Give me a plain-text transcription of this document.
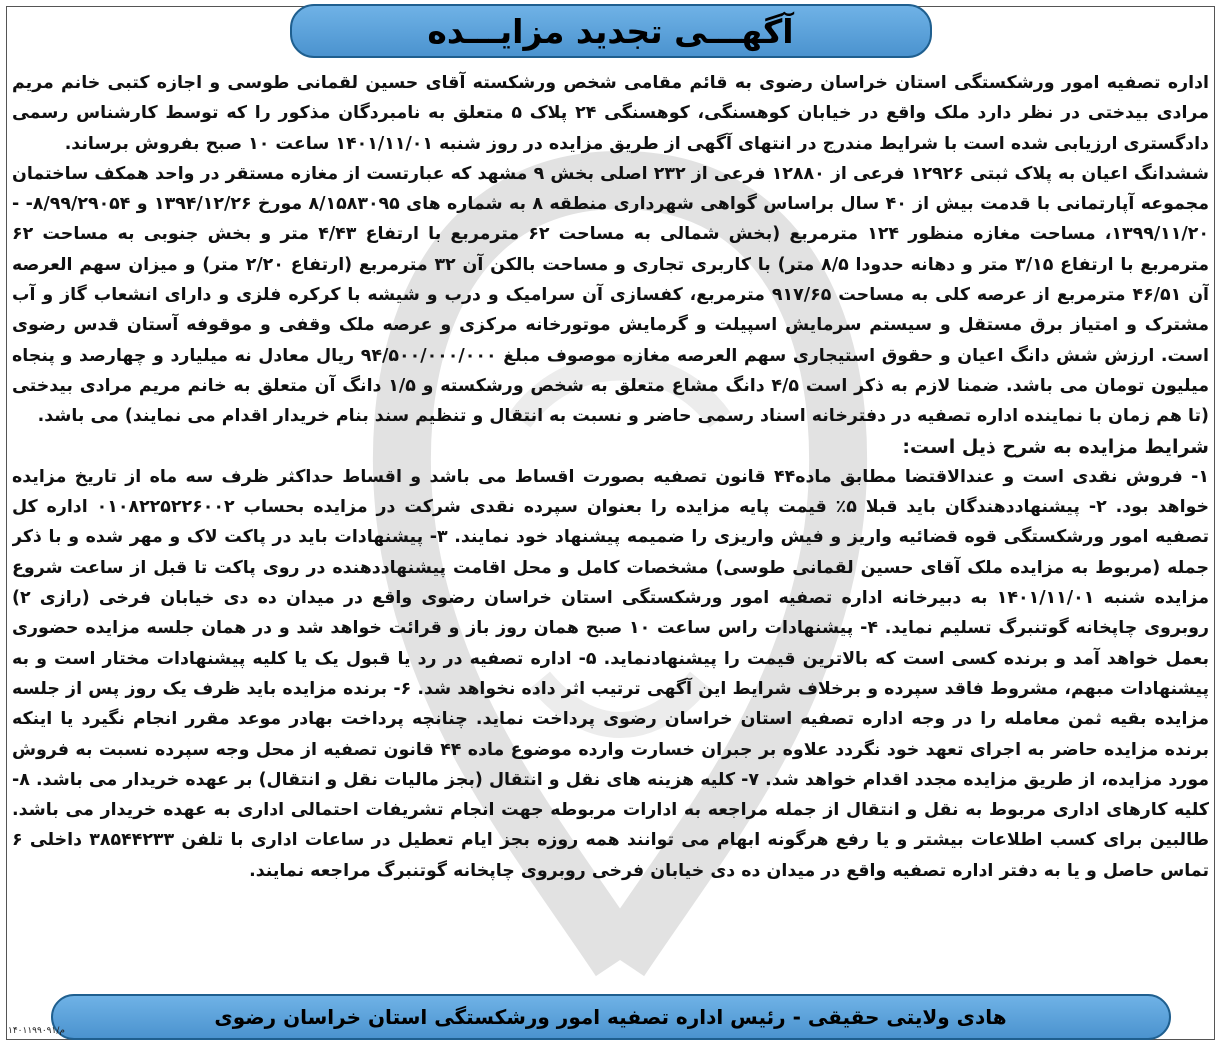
آگهـــی تجدید مزایـــده

اداره تصفیه امور ورشکستگی استان خراسان رضوی به قائم مقامی شخص ورشکسته آقای حسین لقمانی طوسی و اجازه کتبی خانم مریم مرادی بیدختی در نظر دارد ملک واقع در خیابان کوهسنگی، کوهسنگی ۲۴ پلاک ۵ متعلق به نامبردگان مذکور را که توسط کارشناس رسمی دادگستری ارزیابی شده است با شرایط مندرج در انتهای آگهی از طریق مزایده در روز شنبه ۱۴۰۱/۱۱/۰۱ ساعت ۱۰ صبح بفروش برساند.

ششدانگ اعیان به پلاک ثبتی ۱۲۹۲۶ فرعی از ۱۲۸۸۰ فرعی از ۲۳۲ اصلی بخش ۹ مشهد که عبارتست از مغازه مستقر در واحد همکف ساختمان مجموعه آپارتمانی با قدمت بیش از ۴۰ سال براساس گواهی شهرداری منطقه ۸ به شماره های ۸/۱۵۸۳۰۹۵ مورخ ۱۳۹۴/۱۲/۲۶ و ۸/۹۹/۲۹۰۵۴- - ۱۳۹۹/۱۱/۲۰، مساحت مغازه منظور ۱۲۴ مترمربع (بخش شمالی به مساحت ۶۲ مترمربع با ارتفاع ۴/۴۳ متر و بخش جنوبی به مساحت ۶۲ مترمربع با ارتفاع ۳/۱۵ متر و دهانه حدودا ۸/۵ متر) با کاربری تجاری و مساحت بالکن آن ۳۲ مترمربع (ارتفاع ۲/۲۰ متر) و میزان سهم العرصه آن ۴۶/۵۱ مترمربع از عرصه کلی به مساحت ۹۱۷/۶۵ مترمربع، کفسازی آن سرامیک و درب و شیشه با کرکره فلزی و دارای انشعاب گاز و آب مشترک و امتیاز برق مستقل و سیستم سرمایش اسپیلت و گرمایش موتورخانه مرکزی و عرصه ملک وقفی و موقوفه آستان قدس رضوی است. ارزش شش دانگ اعیان و حقوق استیجاری سهم العرصه مغازه موصوف مبلغ ۹۴/۵۰۰/۰۰۰/۰۰۰ ریال معادل نه میلیارد و چهارصد و پنجاه میلیون تومان می باشد. ضمنا لازم به ذکر است ۴/۵ دانگ مشاع متعلق به شخص ورشکسته و ۱/۵ دانگ آن متعلق به خانم مریم مرادی بیدختی (تا هم زمان با نماینده اداره تصفیه در دفترخانه اسناد رسمی حاضر و نسبت به انتقال و تنظیم سند بنام خریدار اقدام می نمایند) می باشد.

شرایط مزایده به شرح ذیل است:

۱- فروش نقدی است و عندالاقتضا مطابق ماده۴۴ قانون تصفیه بصورت اقساط می باشد و اقساط حداکثر ظرف سه ماه از تاریخ مزایده خواهد بود. ۲- پیشنهاددهندگان باید قبلا ۵٪ قیمت پایه مزایده را بعنوان سپرده نقدی شرکت در مزایده بحساب ۰۱۰۸۲۲۵۲۲۶۰۰۲ اداره کل تصفیه امور ورشکستگی قوه قضائیه واریز و فیش واریزی را ضمیمه پیشنهاد خود نمایند. ۳- پیشنهادات باید در پاکت لاک و مهر شده و با ذکر جمله (مربوط به مزایده ملک آقای حسین لقمانی طوسی) مشخصات کامل و محل اقامت پیشنهاددهنده در روی پاکت تا قبل از ساعت شروع مزایده شنبه ۱۴۰۱/۱۱/۰۱ به دبیرخانه اداره تصفیه امور ورشکستگی استان خراسان رضوی واقع در میدان ده دی خیابان فرخی (رازی ۲) روبروی چاپخانه گوتنبرگ تسلیم نماید. ۴- پیشنهادات راس ساعت ۱۰ صبح همان روز باز و قرائت خواهد شد و در همان جلسه مزایده حضوری بعمل خواهد آمد و برنده کسی است که بالاترین قیمت را پیشنهادنماید. ۵- اداره تصفیه در رد یا قبول یک یا کلیه پیشنهادات مختار است و به پیشنهادات مبهم، مشروط فاقد سپرده و برخلاف شرایط این آگهی ترتیب اثر داده نخواهد شد. ۶- برنده مزایده باید ظرف یک روز پس از جلسه مزایده بقیه ثمن معامله را در وجه اداره تصفیه استان خراسان رضوی پرداخت نماید. چنانچه پرداخت بهادر موعد مقرر انجام نگیرد یا اینکه برنده مزایده حاضر به اجرای تعهد خود نگردد علاوه بر جبران خسارت وارده موضوع ماده ۴۴ قانون تصفیه از محل وجه سپرده نسبت به فروش مورد مزایده، از طریق مزایده مجدد اقدام خواهد شد. ۷- کلیه هزینه های نقل و انتقال (بجز مالیات نقل و انتقال) بر عهده خریدار می باشد. ۸- کلیه کارهای اداری مربوط به نقل و انتقال از جمله مراجعه به ادارات مربوطه جهت انجام تشریفات احتمالی اداری به عهده خریدار می باشد. طالبین برای کسب اطلاعات بیشتر و یا رفع هرگونه ابهام می توانند همه روزه بجز ایام تعطیل در ساعات اداری با تلفن ۳۸۵۴۴۲۳۳ داخلی ۶ تماس حاصل و یا به دفتر اداره تصفیه واقع در میدان ده دی خیابان فرخی روبروی چاپخانه گوتنبرگ مراجعه نمایند.

هادی ولایتی حقیقی - رئیس اداره تصفیه امور ورشکستگی استان خراسان رضوی
م/۱۴۰۱۱۹۹۰۹۱
